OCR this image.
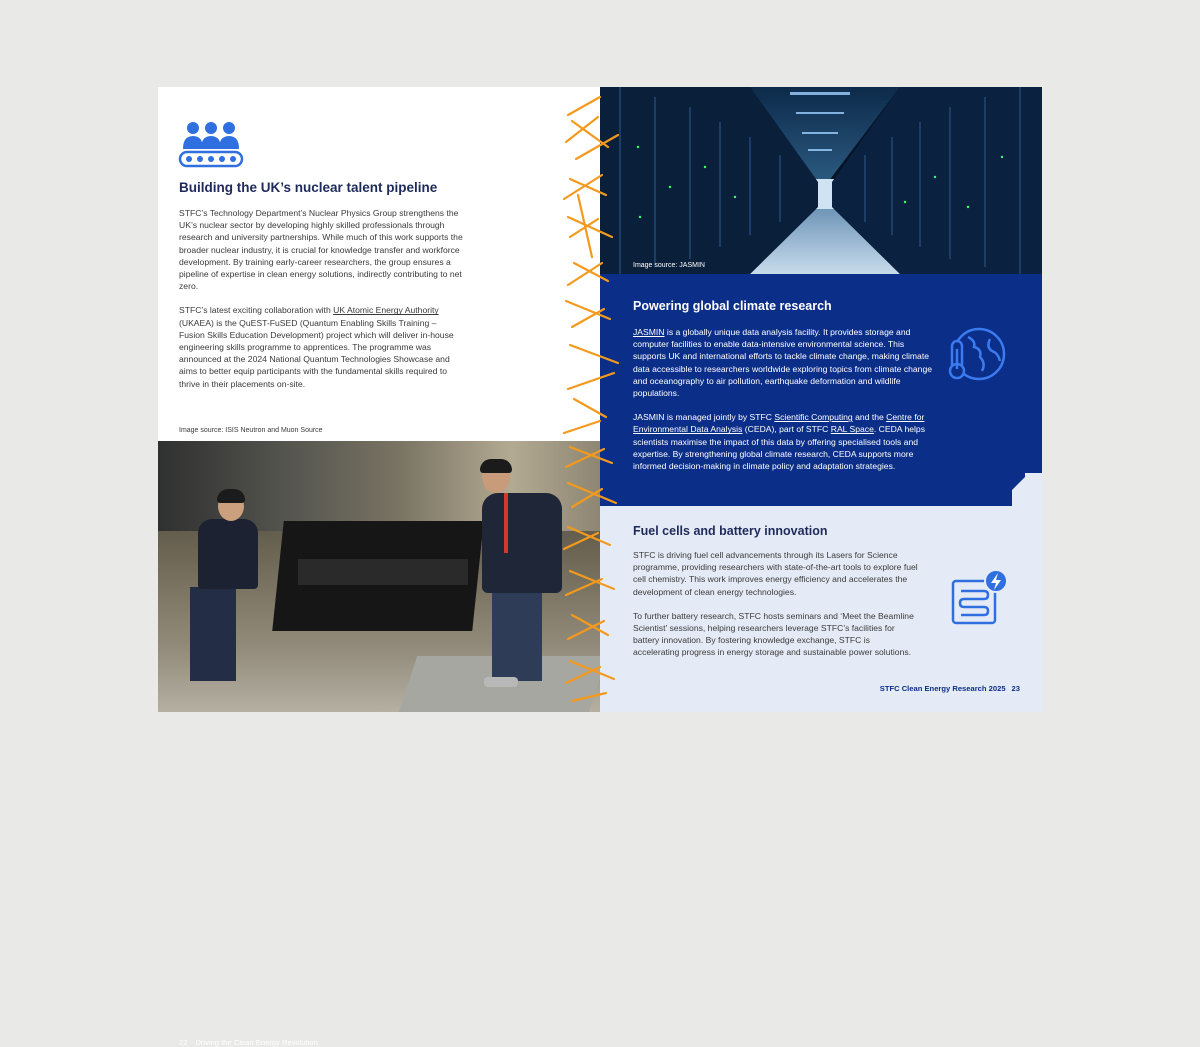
Building the UK’s nuclear talent pipeline

STFC’s Technology Department’s Nuclear Physics Group strengthens the UK’s nuclear sector by developing highly skilled professionals through research and university partnerships. While much of this work supports the broader nuclear industry, it is crucial for knowledge transfer and workforce development. By training early-career researchers, the group ensures a pipeline of expertise in clean energy solutions, indirectly contributing to net zero.

STFC’s latest exciting collaboration with UK Atomic Energy Authority (UKAEA) is the QuEST-FuSED (Quantum Enabling Skills Training – Fusion Skills Education Development) project which will deliver in-house engineering skills programme to apprentices. The programme was announced at the 2024 National Quantum Technologies Showcase and aims to better equip participants with the fundamental skills required to thrive in their placements on-site.

Image source: ISIS Neutron and Muon Source
22 Driving the Clean Energy Revolution
Image source: JASMIN
Powering global climate research

JASMIN is a globally unique data analysis facility. It provides storage and computer facilities to enable data-intensive environmental science. This supports UK and international efforts to tackle climate change, making climate data accessible to researchers worldwide exploring topics from climate change and oceanography to air pollution, earthquake deformation and wildlife populations.

JASMIN is managed jointly by STFC Scientific Computing and the Centre for Environmental Data Analysis (CEDA), part of STFC RAL Space. CEDA helps scientists maximise the impact of this data by offering specialised tools and expertise. By strengthening global climate research, CEDA supports more informed decision-making in climate policy and adaptation strategies.

Fuel cells and battery innovation

STFC is driving fuel cell advancements through its Lasers for Science programme, providing researchers with state-of-the-art tools to explore fuel cell chemistry. This work improves energy efficiency and accelerates the development of clean energy technologies.

To further battery research, STFC hosts seminars and ‘Meet the Beamline Scientist’ sessions, helping researchers leverage STFC’s facilities for battery innovation. By fostering knowledge exchange, STFC is accelerating progress in energy storage and sustainable power solutions.

STFC Clean Energy Research 2025 23
